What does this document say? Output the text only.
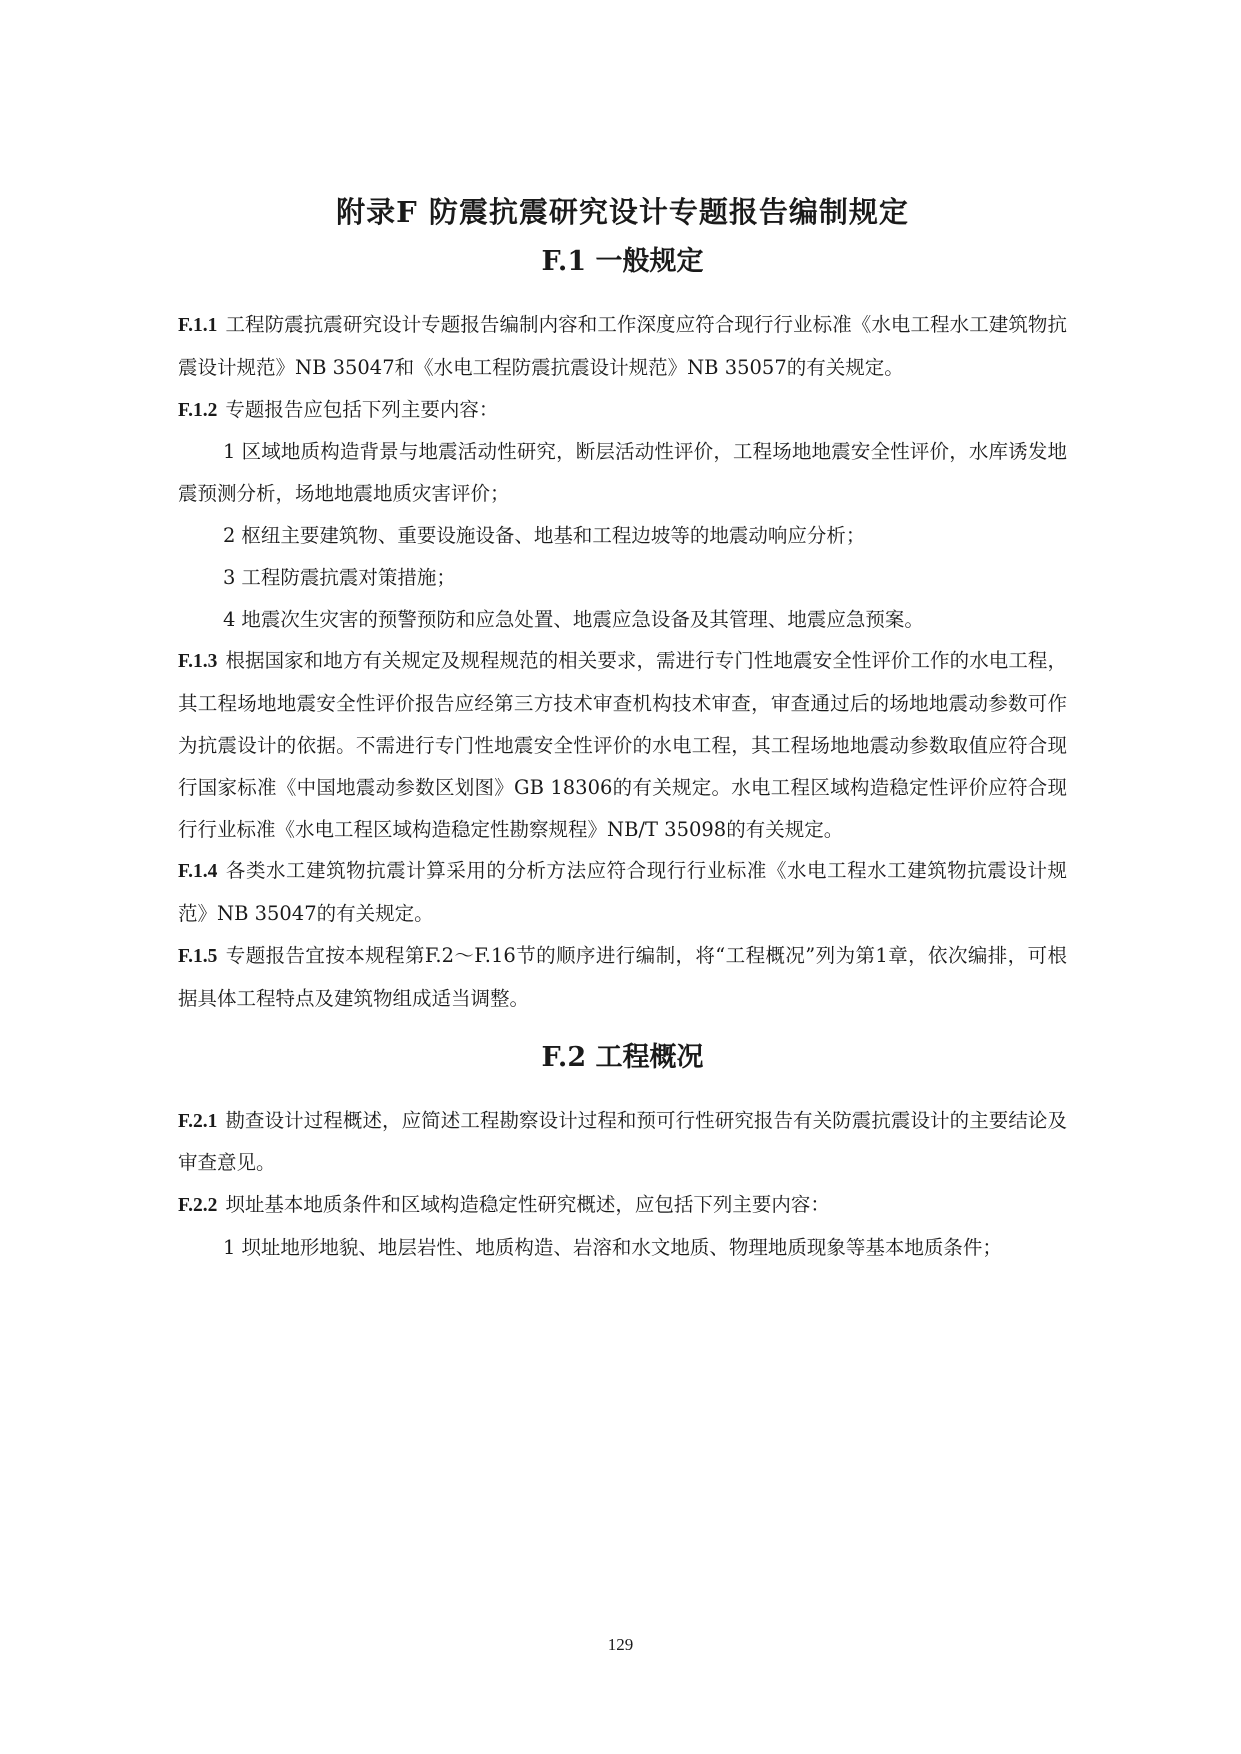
附录F 防震抗震研究设计专题报告编制规定
F.1 一般规定

F.1.1 工程防震抗震研究设计专题报告编制内容和工作深度应符合现行行业标准《水电工程水工建筑物抗震设计规范》NB 35047和《水电工程防震抗震设计规范》NB 35057的有关规定。

F.1.2 专题报告应包括下列主要内容：

1 区域地质构造背景与地震活动性研究，断层活动性评价，工程场地地震安全性评价，水库诱发地震预测分析，场地地震地质灾害评价；

2 枢纽主要建筑物、重要设施设备、地基和工程边坡等的地震动响应分析；

3 工程防震抗震对策措施；

4 地震次生灾害的预警预防和应急处置、地震应急设备及其管理、地震应急预案。

F.1.3 根据国家和地方有关规定及规程规范的相关要求，需进行专门性地震安全性评价工作的水电工程，其工程场地地震安全性评价报告应经第三方技术审查机构技术审查，审查通过后的场地地震动参数可作为抗震设计的依据。不需进行专门性地震安全性评价的水电工程，其工程场地地震动参数取值应符合现行国家标准《中国地震动参数区划图》GB 18306的有关规定。水电工程区域构造稳定性评价应符合现行行业标准《水电工程区域构造稳定性勘察规程》NB/T 35098的有关规定。

F.1.4 各类水工建筑物抗震计算采用的分析方法应符合现行行业标准《水电工程水工建筑物抗震设计规范》NB 35047的有关规定。

F.1.5 专题报告宜按本规程第F.2～F.16节的顺序进行编制，将“工程概况”列为第1章，依次编排，可根据具体工程特点及建筑物组成适当调整。

F.2 工程概况

F.2.1 勘查设计过程概述，应简述工程勘察设计过程和预可行性研究报告有关防震抗震设计的主要结论及审查意见。

F.2.2 坝址基本地质条件和区域构造稳定性研究概述，应包括下列主要内容：

1 坝址地形地貌、地层岩性、地质构造、岩溶和水文地质、物理地质现象等基本地质条件；

129
